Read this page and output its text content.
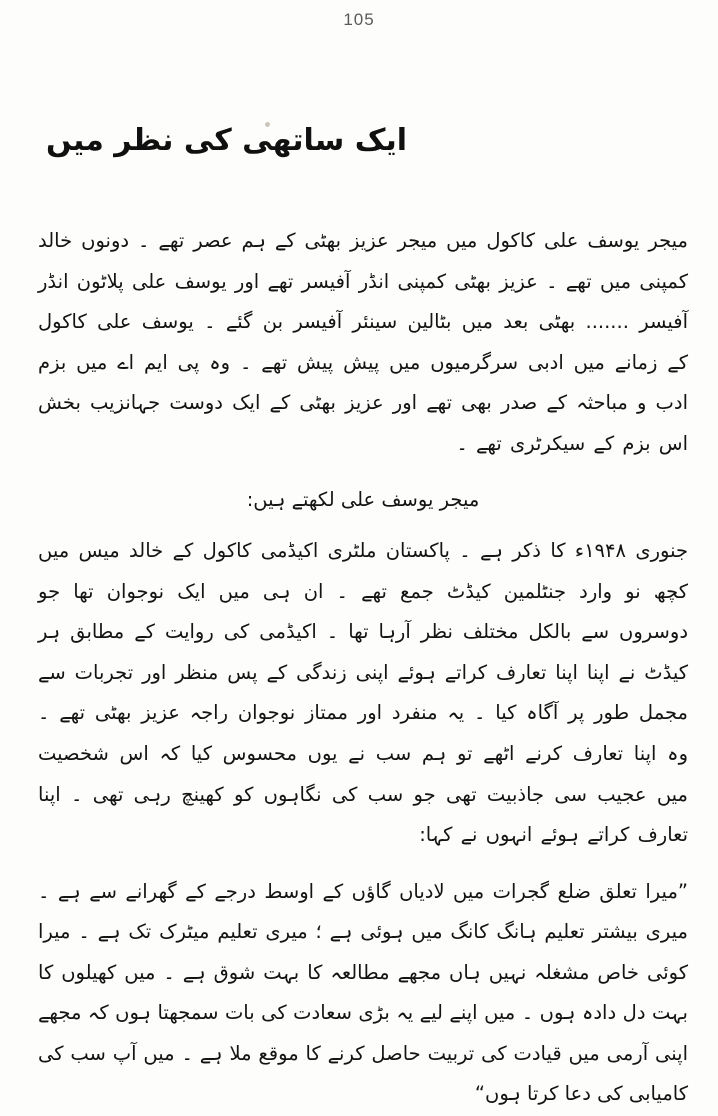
105
ایک ساتھی کی نظر میں

میجر یوسف علی کاکول میں میجر عزیز بھٹی کے ہم عصر تھے ۔ دونوں خالد کمپنی میں تھے ۔ عزیز بھٹی کمپنی انڈر آفیسر تھے اور یوسف علی پلاٹون انڈر آفیسر ....... بھٹی بعد میں بٹالین سینئر آفیسر بن گئے ۔ یوسف علی کاکول کے زمانے میں ادبی سرگرمیوں میں پیش پیش تھے ۔ وہ پی ایم اے میں بزم ادب و مباحثہ کے صدر بھی تھے اور عزیز بھٹی کے ایک دوست جہانزیب بخش اس بزم کے سیکرٹری تھے ۔

میجر یوسف علی لکھتے ہیں:

جنوری ۱۹۴۸ء کا ذکر ہے ۔ پاکستان ملٹری اکیڈمی کاکول کے خالد میس میں کچھ نو وارد جنٹلمین کیڈٹ جمع تھے ۔ ان ہی میں ایک نوجوان تھا جو دوسروں سے بالکل مختلف نظر آرہا تھا ۔ اکیڈمی کی روایت کے مطابق ہر کیڈٹ نے اپنا اپنا تعارف کراتے ہوئے اپنی زندگی کے پس منظر اور تجربات سے مجمل طور پر آگاہ کیا ۔ یہ منفرد اور ممتاز نوجوان راجہ عزیز بھٹی تھے ۔ وہ اپنا تعارف کرنے اٹھے تو ہم سب نے یوں محسوس کیا کہ اس شخصیت میں عجیب سی جاذبیت تھی جو سب کی نگاہوں کو کھینچ رہی تھی ۔ اپنا تعارف کراتے ہوئے انہوں نے کہا:

”میرا تعلق ضلع گجرات میں لادیاں گاؤں کے اوسط درجے کے گھرانے سے ہے ۔ میری بیشتر تعلیم ہانگ کانگ میں ہوئی ہے ؛ میری تعلیم میٹرک تک ہے ۔ میرا کوئی خاص مشغلہ نہیں ہاں مجھے مطالعہ کا بہت شوق ہے ۔ میں کھیلوں کا بہت دل دادہ ہوں ۔ میں اپنے لیے یہ بڑی سعادت کی بات سمجھتا ہوں کہ مجھے اپنی آرمی میں قیادت کی تربیت حاصل کرنے کا موقع ملا ہے ۔ میں آپ سب کی کامیابی کی دعا کرتا ہوں“
